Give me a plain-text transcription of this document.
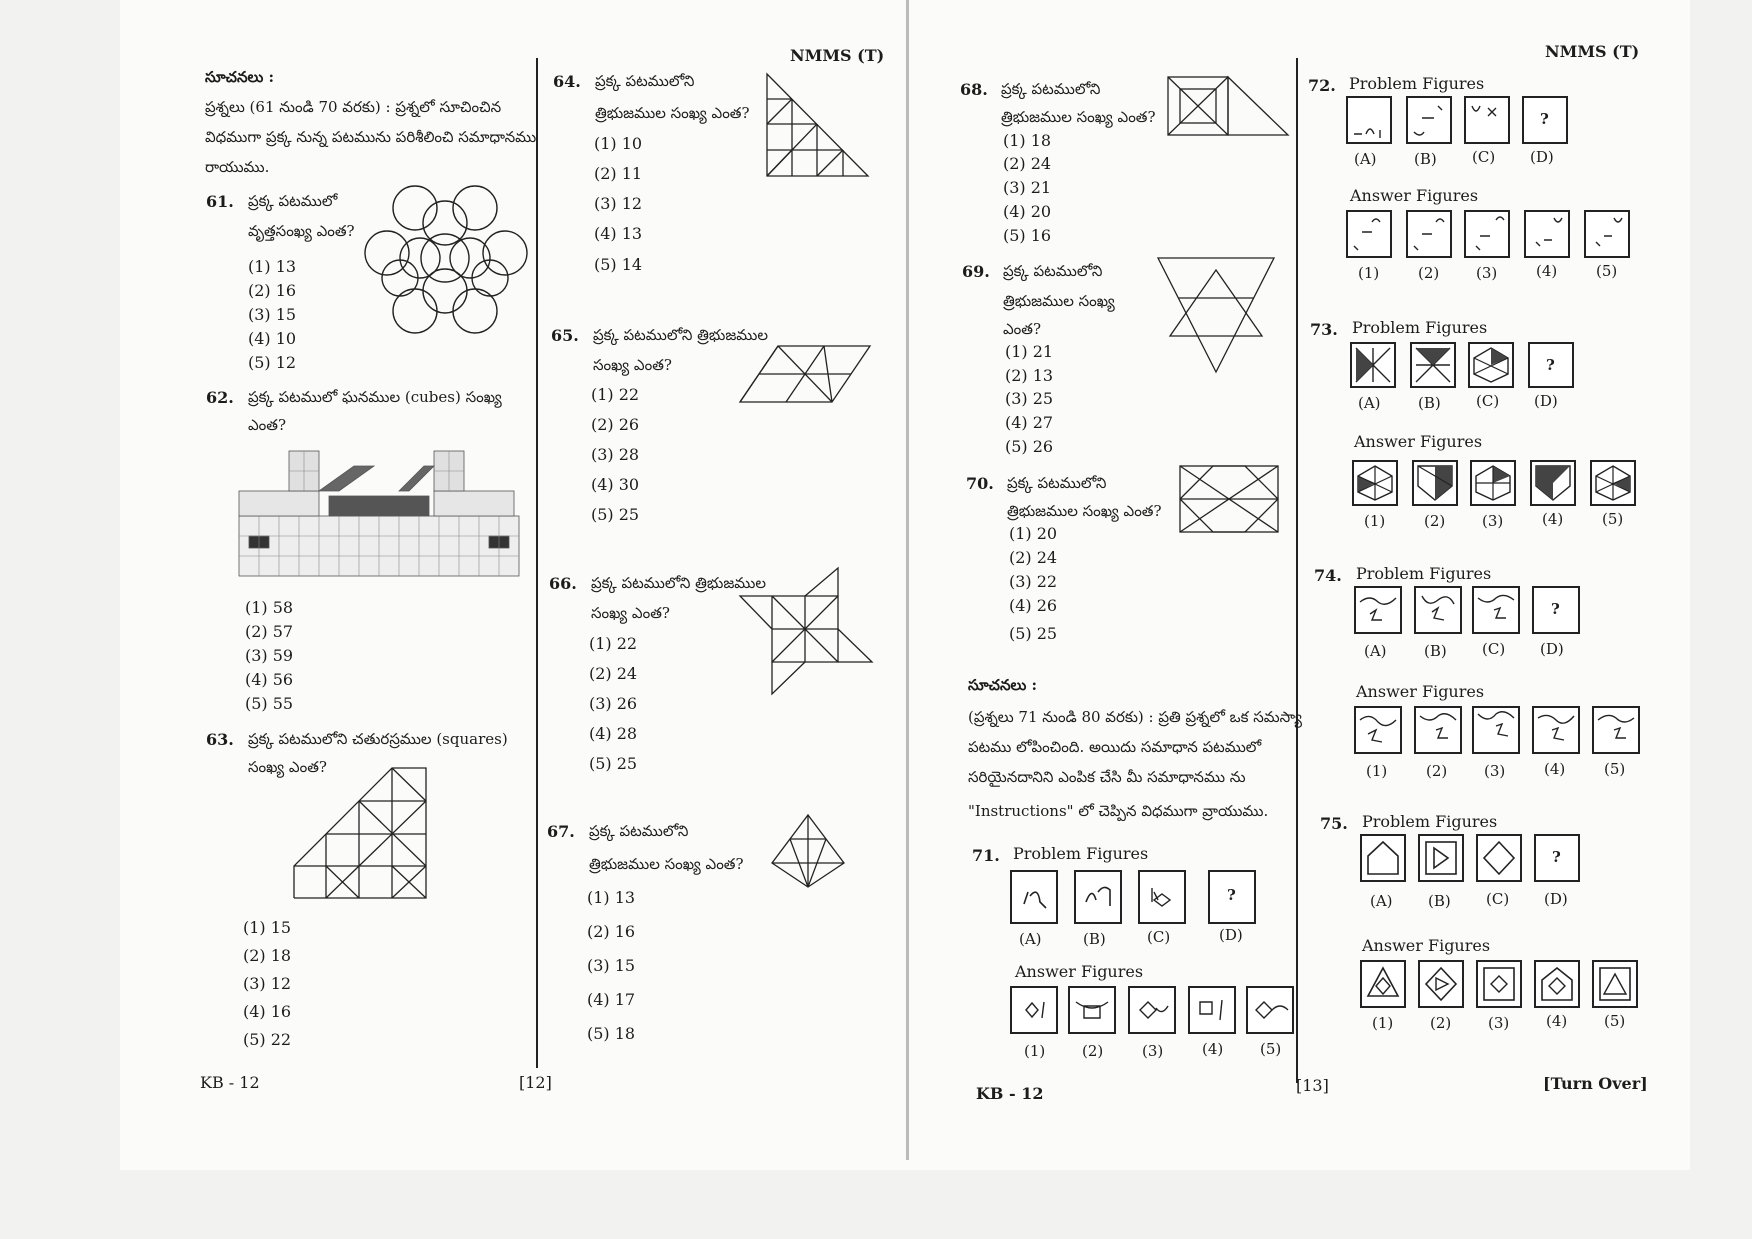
NMMS (T)	NMMS (T)
సూచనలు :
ప్రశ్నలు (61 నుండి 70 వరకు) : ప్రశ్నలో సూచించిన
విధముగా ప్రక్క నున్న పటమును పరిశీలించి సమాధానము
రాయుము.
61. ప్రక్క పటములో
వృత్తసంఖ్య ఎంత?
(1) 13
(2) 16
(3) 15
(4) 10
(5) 12
62. ప్రక్క పటములో ఘనముల (cubes) సంఖ్య
ఎంత?
(1) 58
(2) 57
(3) 59
(4) 56
(5) 55
63. ప్రక్క పటములోని చతురస్రముల (squares)
సంఖ్య ఎంత?
(1) 15
(2) 18
(3) 12
(4) 16
(5) 22
64. ప్రక్క పటములోని
త్రిభుజముల సంఖ్య ఎంత?
(1) 10
(2) 11
(3) 12
(4) 13
(5) 14
65. ప్రక్క పటములోని త్రిభుజముల
సంఖ్య ఎంత?
(1) 22
(2) 26
(3) 28
(4) 30
(5) 25
66. ప్రక్క పటములోని త్రిభుజముల
సంఖ్య ఎంత?
(1) 22
(2) 24
(3) 26
(4) 28
(5) 25
67. ప్రక్క పటములోని
త్రిభుజముల సంఖ్య ఎంత?
(1) 13
(2) 16
(3) 15
(4) 17
(5) 18
KB - 12	[12]
68. ప్రక్క పటములోని
త్రిభుజముల సంఖ్య ఎంత?
(1) 18
(2) 24
(3) 21
(4) 20
(5) 16
69. ప్రక్క పటములోని
త్రిభుజముల సంఖ్య
ఎంత?
(1) 21
(2) 13
(3) 25
(4) 27
(5) 26
70. ప్రక్క పటములోని
త్రిభుజముల సంఖ్య ఎంత?
(1) 20
(2) 24
(3) 22
(4) 26
(5) 25
సూచనలు :
(ప్రశ్నలు 71 నుండి 80 వరకు) : ప్రతి ప్రశ్నలో ఒక సమస్యా
పటము లోపించింది. అయిదు సమాధాన పటములో
సరియైనదానిని ఎంపిక చేసి మీ సమాధానము ను
"Instructions" లో చెప్పిన విధముగా వ్రాయుము.
71. Problem Figures
?
(A)	(B)	(C)	(D)
Answer Figures
(1) (2)	(3)	(4) (5)
KB - 12	[13]	[Turn Over]
72. Problem Figures
?
(A) (B) (C) (D)
Answer Figures
(1)	(2) (3)	(4)	(5)
73. Problem Figures
?
(A) (B) (C) (D)
Answer Figures
(1)	(2) (3)	(4)	(5)
74. Problem Figures
?
(A) (B) (C) (D)
Answer Figures
(1)	(2) (3)	(4)	(5)
75. Problem Figures
?
(A) (B) (C) (D)
Answer Figures
(1) (2) (3) (4) (5)
